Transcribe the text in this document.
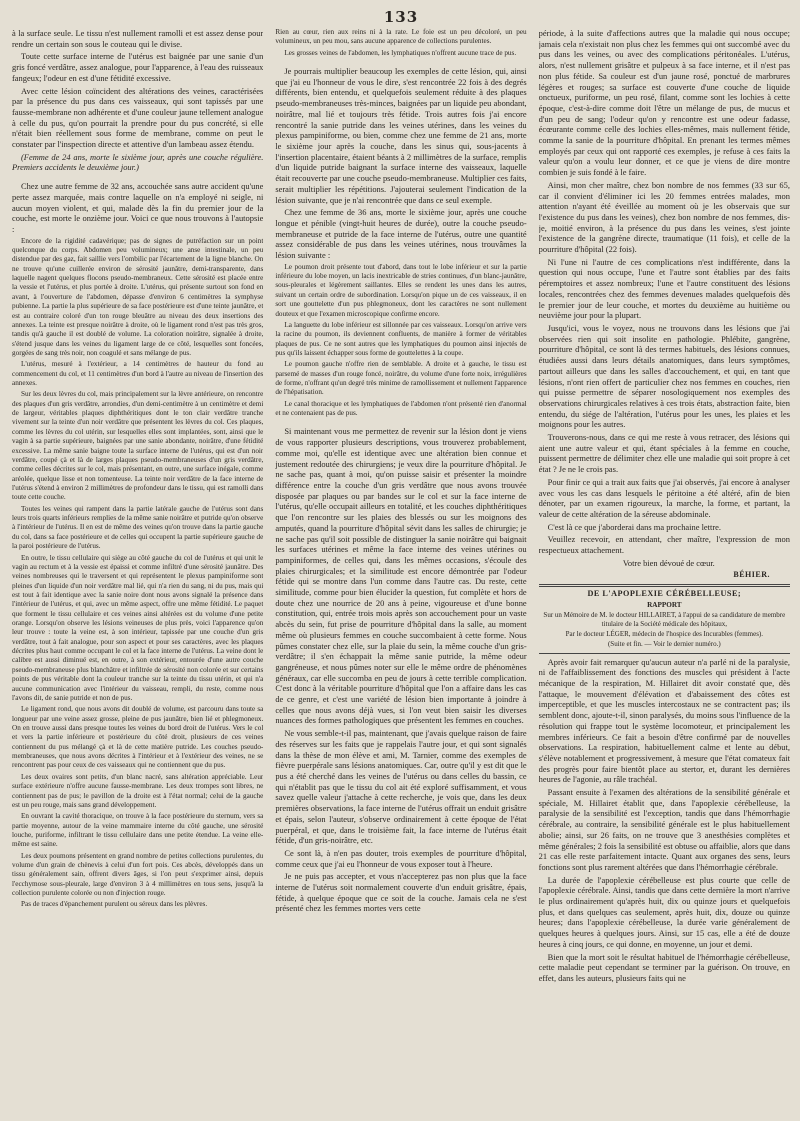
133

à la surface seule. Le tissu n'est nullement ramolli et est assez dense pour rendre un certain son sous le couteau qui le divise.

Toute cette surface interne de l'utérus est baignée par une sanie d'un gris foncé verdâtre, assez analogue, pour l'apparence, à l'eau des ruisseaux fangeux; l'odeur en est d'une fétidité excessive.

Avec cette lésion coïncident des altérations des veines, caractérisées par la présence du pus dans ces vaisseaux, qui sont tapissés par une fausse-membrane non adhérente et d'une couleur jaune tellement analogue à celle du pus, qu'on pourrait la prendre pour du pus concrété, si elle n'était bien réellement sous forme de membrane, comme on peut le constater par l'inspection directe et attentive d'un lambeau assez étendu.

(Femme de 24 ans, morte le sixième jour, après une couche régulière. Premiers accidents le deuxième jour.)

Chez une autre femme de 32 ans, accouchée sans autre accident qu'une perte assez marquée, mais contre laquelle on n'a employé ni seigle, ni aucun moyen violent, et qui, malade dès la fin du premier jour de la couche, est morte le onzième jour. Voici ce que nous trouvons à l'autopsie :

Encore de la rigidité cadavérique; pas de signes de putréfaction sur un point quelconque du corps. Abdomen peu volumineux; une anse intestinale, un peu distendue par des gaz, fait saillie vers l'ombilic par l'écartement de la ligne blanche. On ne trouve qu'une cuillerée environ de sérosité jaunâtre, demi-transparente, dans laquelle nagent quelques flocons pseudo-membraneux. Cette sérosité est placée entre la vessie et l'utérus, et plus portée à droite. L'utérus, qui présente surtout son fond en avant, à l'ouverture de l'abdomen, dépasse d'environ 6 centimètres la symphyse pubienne. La partie la plus supérieure de sa face postérieure est d'une teinte jaunâtre, et est au contraire coloré d'un ton rouge bleuâtre au niveau des deux insertions des annexes. La teinte est presque noirâtre à droite, où le ligament rond n'est pas très gros, tandis qu'à gauche il est doublé de volume. La coloration noirâtre, signalée à droite, s'étend jusque dans les veines du ligament large de ce côté, lesquelles sont foncées, gorgées de sang très noir, non coagulé et sans mélange de pus.

L'utérus, mesuré à l'extérieur, a 14 centimètres de hauteur du fond au commencement du col, et 11 centimètres d'un bord à l'autre au niveau de l'insertion des annexes.

Sur les deux lèvres du col, mais principalement sur la lèvre antérieure, on rencontre des plaques d'un gris verdâtre, arrondies, d'un demi-centimètre à un centimètre et demi de largeur, véritables plaques diphthéritiques dont le ton clair verdâtre tranche vivement sur la teinte d'un noir verdâtre que présentent les lèvres du col. Ces plaques, comme les lèvres du col utérin, sur lesquelles elles sont implantées, sont, ainsi que le vagin à sa partie supérieure, baignées par une sanie abondante, noirâtre, d'une fétidité excessive. La même sanie baigne toute la surface interne de l'utérus, qui est d'un noir verdâtre, coupé çà et là de larges plaques pseudo-membraneuses d'un gris verdâtre, comme celles décrites sur le col, mais présentant, en outre, une surface inégale, comme aréolée, quelque lisse et non tomenteuse. La teinte noir verdâtre de la face interne de l'utérus s'étend à environ 2 millimètres de profondeur dans le tissu, qui est ramolli dans toute cette couche.

Toutes les veines qui rampent dans la partie latérale gauche de l'utérus sont dans leurs trois quarts inférieurs remplies de la même sanie noirâtre et putride qu'on observe à l'intérieur de l'utérus. Il en est de même des veines qu'on trouve dans la partie gauche du col, dans sa face postérieure et de celles qui occupent la partie supérieure gauche de la paroi postérieure de l'utérus.

En outre, le tissu cellulaire qui siège au côté gauche du col de l'utérus et qui unit le vagin au rectum et à la vessie est épaissi et comme infiltré d'une sérosité jaunâtre. Des veines nombreuses qui le traversent et qui représentent le plexus pampiniforme sont pleines d'un liquide d'un noir verdâtre mal lié, qui n'a rien du sang, ni du pus, mais qui est tout à fait identique avec la sanie noire dont nous avons signalé la présence dans l'intérieur de l'utérus, et qui, avec un même aspect, offre une même fétidité. Le paquet que forment le tissu cellulaire et ces veines ainsi altérées est du volume d'une petite orange. Lorsqu'on observe les lésions veineuses de plus près, voici l'apparence qu'on leur trouve : toute la veine est, à son intérieur, tapissée par une couche d'un gris verdâtre, tout à fait analogue, pour son aspect et pour ses caractères, avec les plaques décrites plus haut comme occupant le col et la face interne de l'utérus. La veine dont le calibre est aussi diminué est, en outre, à son extérieur, entourée d'une autre couche pseudo-membraneuse plus blanchâtre et infiltrée de sérosité non colorée et sur certains points de pus véritable dont la couleur tranche sur la teinte du tissu utérin, et qui n'a aucune communication avec l'intérieur du vaisseau, rempli, du reste, comme nous l'avons dit, de sanie putride et non de pus.

Le ligament rond, que nous avons dit doublé de volume, est parcouru dans toute sa longueur par une veine assez grosse, pleine de pus jaunâtre, bien lié et phlegmoneux. On en trouve aussi dans presque toutes les veines du bord droit de l'utérus. Vers le col et vers la partie inférieure et postérieure du côté droit, plusieurs de ces veines contiennent du pus mélangé çà et là de cette matière putride. Les couches pseudo-membraneuses, que nous avons décrites à l'intérieur et à l'extérieur des veines, ne se rencontrent pas pour ceux de ces vaisseaux qui ne contiennent que du pus.

Les deux ovaires sont petits, d'un blanc nacré, sans altération appréciable. Leur surface extérieure n'offre aucune fausse-membrane. Les deux trompes sont libres, ne contiennent pas de pus; le pavillon de la droite est à l'état normal; celui de la gauche est un peu rouge, mais sans grand développement.

En ouvrant la cavité thoracique, on trouve à la face postérieure du sternum, vers sa partie moyenne, autour de la veine mammaire interne du côté gauche, une sérosité louche, puriforme, infiltrant le tissu cellulaire dans une petite étendue. La veine elle-même est saine.

Les deux poumons présentent en grand nombre de petites collections purulentes, du volume d'un grain de chènevis à celui d'un fort pois. Ces abcès, développés dans un tissu généralement sain, offrent divers âges, si l'on peut s'exprimer ainsi, depuis l'ecchymose sous-pleurale, large d'environ 3 à 4 millimètres en tous sens, jusqu'à la collection purulente colorée ou non d'injection rouge.

Pas de traces d'épanchement purulent ou séreux dans les plèvres.

Rien au cœur, rien aux reins ni à la rate. Le foie est un peu décoloré, un peu volumineux, un peu mou, sans aucune apparence de collections purulentes.

Les grosses veines de l'abdomen, les lymphatiques n'offrent aucune trace de pus.

Je pourrais multiplier beaucoup les exemples de cette lésion, qui, ainsi que j'ai eu l'honneur de vous le dire, s'est rencontrée 22 fois à des degrés différents, bien entendu, et quelquefois seulement réduite à des plaques pseudo-membraneuses très-minces, baignées par un liquide peu abondant, noirâtre, mal lié et toujours très fétide. Trois autres fois j'ai encore rencontré la sanie putride dans les veines utérines, dans les veines du plexus pampiniforme, ou bien, comme chez une femme de 21 ans, morte le sixième jour après la couche, dans les sinus qui, sous-jacents à l'insertion placentaire, étaient béants à 2 millimètres de la surface, remplis d'un liquide putride baignant la surface interne des vaisseaux, laquelle était recouverte par une couche pseudo-membraneuse. Multiplier ces faits, serait multiplier les répétitions. J'ajouterai seulement l'indication de la lésion suivante, que je n'ai rencontrée que dans ce seul exemple.

Chez une femme de 36 ans, morte le sixième jour, après une couche longue et pénible (vingt-huit heures de durée), outre la couche pseudo-membraneuse et putride de la face interne de l'utérus, outre une quantité assez considérable de pus dans les veines utérines, nous trouvâmes la lésion suivante :

Le poumon droit présente tout d'abord, dans tout le lobe inférieur et sur la partie inférieure du lobe moyen, un lacis inextricable de stries continues, d'un blanc-jaunâtre, sous-pleurales et légèrement saillantes. Elles se rendent les unes dans les autres, suivant un certain ordre de subordination. Lorsqu'on pique un de ces vaisseaux, il en sort une gouttelette d'un pus phlegmoneux, dont les caractères ne sont nullement douteux et que l'examen microscopique confirme encore.

La languette du lobe inférieur est sillonnée par ces vaisseaux. Lorsqu'on arrive vers la racine du poumon, ils deviennent confluents, de manière à former de véritables plaques de pus. Ce ne sont autres que les lymphatiques du poumon ainsi injectés de pus qu'ils laissent échapper sous forme de gouttelettes à la coupe.

Le poumon gauche n'offre rien de semblable. A droite et à gauche, le tissu est parsemé de masses d'un rouge foncé, noirâtre, du volume d'une forte noix, irrégulières de forme, n'offrant qu'un degré très minime de ramollissement et nullement l'apparence de l'hépatisation.

Le canal thoracique et les lymphatiques de l'abdomen n'ont présenté rien d'anormal et ne contenaient pas de pus.

Si maintenant vous me permettez de revenir sur la lésion dont je viens de vous rapporter plusieurs descriptions, vous trouverez probablement, comme moi, qu'elle est identique avec une altération bien connue et justement redoutée des chirurgiens; je veux dire la pourriture d'hôpital. Je ne sache pas, quant à moi, qu'on puisse saisir et présenter la moindre différence entre la couche d'un gris verdâtre que nous avons trouvée disposée par plaques ou par bandes sur le col et sur la face interne de l'utérus, qu'elle occupait ailleurs en totalité, et les couches diphthéritiques que l'on rencontre sur les plaies des blessés ou sur les moignons des amputés, quand la pourriture d'hôpital sévit dans les salles de chirurgie; je ne sache pas qu'il soit possible de distinguer la sanie noirâtre qui baignait les surfaces utérines et même la face interne des veines utérines ou pampiniformes, de celles qui, dans les mêmes occasions, s'écoule des plaies chirurgicales; et la similitude est encore démontrée par l'odeur fétide qui se montre dans l'un comme dans l'autre cas. Du reste, cette similitude, comme pour bien élucider la question, fut complète et hors de doute chez une nourrice de 20 ans à peine, vigoureuse et d'une bonne constitution, qui, entrée trois mois après son accouchement pour un vaste abcès du sein, fut prise de pourriture d'hôpital dans la salle, au moment même où plusieurs femmes en couche succombaient à cette forme. Nous pûmes constater chez elle, sur la plaie du sein, la même couche d'un gris-verdâtre; il s'en échappait la même sanie putride, la même odeur gangréneuse, et nous pûmes noter sur elle le même ordre de phénomènes généraux, car elle succomba en peu de jours à cette terrible complication. C'est donc à la véritable pourriture d'hôpital que l'on a affaire dans les cas de ce genre, et c'est une variété de lésion bien importante à joindre à celles que nous avons déjà vues, si l'on veut bien saisir les diverses nuances des formes pathologiques que présentent les femmes en couches.

Ne vous semble-t-il pas, maintenant, que j'avais quelque raison de faire des réserves sur les faits que je rappelais l'autre jour, et qui sont signalés dans la thèse de mon élève et ami, M. Tarnier, comme des exemples de fièvre puerpérale sans lésions anatomiques. Car, outre qu'il y est dit que le pus a été cherché dans les veines de l'utérus ou dans celles du bassin, ce qui n'établit pas que le tissu du col ait été exploré suffisamment, et vous savez quelle valeur j'attache à cette recherche, je vois que, dans les deux premières observations, la face interne de l'utérus offrait un enduit grisâtre et épais, selon l'auteur, s'observe ordinairement à cette époque de l'état puerpéral, et que, dans le troisième fait, la face interne de l'utérus était fétide, d'un gris-noirâtre, etc.

Ce sont là, à n'en pas douter, trois exemples de pourriture d'hôpital, comme ceux que j'ai eu l'honneur de vous exposer tout à l'heure.

Je ne puis pas accepter, et vous n'accepterez pas non plus que la face interne de l'utérus soit normalement couverte d'un enduit grisâtre, épais, fétide, à quelque époque que ce soit de la couche. Jamais cela ne s'est présenté chez les femmes mortes vers cette

période, à la suite d'affections autres que la maladie qui nous occupe; jamais cela n'existait non plus chez les femmes qui ont succombé avec du pus dans les veines, ou avec des complications péritonéales. L'utérus, alors, n'est nullement grisâtre et pulpeux à sa face interne, et il n'est pas non plus fétide. Sa couleur est d'un jaune rosé, ponctué de marbrures légères et rouges; sa surface est couverte d'une couche de liquide onctueux, puriforme, un peu rosé, filant, comme sont les lochies à cette époque, c'est-à-dire comme doit l'être un mélange de pus, de mucus et d'un peu de sang; l'odeur qu'on y rencontre est une odeur fadasse, écœurante comme celle des lochies elles-mêmes, mais nullement fétide, comme la sanie de la pourriture d'hôpital. En prenant les termes mêmes employés par ceux qui ont rapporté ces exemples, je refuse à ces faits la valeur qu'on a voulu leur donner, et ce que je viens de dire montre combien je suis fondé à le faire.

Ainsi, mon cher maître, chez bon nombre de nos femmes (33 sur 65, car il convient d'éliminer ici les 20 femmes entrées malades, mon attention n'ayant été éveillée au moment où je les observais que sur l'existence du pus dans les veines), chez bon nombre de nos femmes, dis-je, moitié environ, à la présence du pus dans les veines, s'est jointe l'existence de la gangrène directe, traumatique (11 fois), et celle de la pourriture d'hôpital (22 fois).

Ni l'une ni l'autre de ces complications n'est indifférente, dans la question qui nous occupe, l'une et l'autre sont établies par des faits péremptoires et assez nombreux; l'une et l'autre constituent des lésions locales, rencontrées chez des femmes devenues malades quelquefois dès le premier jour de leur couche, et mortes du deuxième au huitième ou neuvième jour pour la plupart.

Jusqu'ici, vous le voyez, nous ne trouvons dans les lésions que j'ai observées rien qui soit insolite en pathologie. Phlébite, gangrène, pourriture d'hôpital, ce sont là des termes habituels, des lésions connues, étudiées aussi dans leurs détails anatomiques, dans leurs symptômes, partout ailleurs que dans les salles d'accouchement, et qui, en tant que lésions, n'ont rien offert de particulier chez nos femmes en couches, rien qui puisse permettre de séparer nosologiquement nos exemples des observations chirurgicales relatives à ces trois états, abstraction faite, bien entendu, du siége de l'altération, l'utérus pour les unes, les plaies et les moignons pour les autres.

Trouverons-nous, dans ce qui me reste à vous retracer, des lésions qui aient une autre valeur et qui, étant spéciales à la femme en couche, puissent permettre de délimiter chez elle une maladie qui soit propre à cet état ? Je ne le crois pas.

Pour finir ce qui a trait aux faits que j'ai observés, j'ai encore à analyser avec vous les cas dans lesquels le péritoine a été altéré, afin de bien dénoter, par un examen rigoureux, la marche, la forme, et partant, la valeur de cette altération de la séreuse abdominale.

C'est là ce que j'aborderai dans ma prochaine lettre.

Veuillez recevoir, en attendant, cher maître, l'expression de mon respectueux attachement.

Votre bien dévoué de cœur.

BÉHIER.
DE L'APOPLEXIE CÉRÉBELLEUSE;
RAPPORT
Sur un Mémoire de M. le docteur HILLAIRET, à l'appui de sa candidature de membre titulaire de la Société médicale des hôpitaux,
Par le docteur LÉGER, médecin de l'hospice des Incurables (femmes).
(Suite et fin. — Voir le dernier numéro.)

Après avoir fait remarquer qu'aucun auteur n'a parlé ni de la paralysie, ni de l'affaiblissement des fonctions des muscles qui président à l'acte mécanique de la respiration, M. Hillairet dit avoir constaté que, dès l'attaque, le mouvement d'élévation et d'abaissement des côtes est imperceptible, et que les muscles intercostaux ne se contractent pas; ils semblent donc, ajoute-t-il, sinon paralysés, du moins sous l'influence de la résolution qui frappe tout le système locomoteur, et principalement les membres inférieurs. Ce fait a besoin d'être confirmé par de nouvelles observations. La respiration, habituellement calme et lente au début, s'élève notablement et progressivement, à mesure que l'état comateux fait des progrès pour faire bientôt place au stertor, et, durant les dernières heures de l'agonie, au râle trachéal.

Passant ensuite à l'examen des altérations de la sensibilité générale et spéciale, M. Hillairet établit que, dans l'apoplexie cérébelleuse, la paralysie de la sensibilité est l'exception, tandis que dans l'hémorrhagie cérébrale, au contraire, la sensibilité générale est le plus habituellement abolie; ainsi, sur 26 faits, on ne trouve que 3 anesthésies complètes et même générales; 2 fois la sensibilité est obtuse ou affaiblie, alors que dans 21 cas elle reste parfaitement intacte. Quant aux organes des sens, leurs fonctions sont plus rarement altérées que dans l'hémorrhagie cérébrale.

La durée de l'apoplexie cérébelleuse est plus courte que celle de l'apoplexie cérébrale. Ainsi, tandis que dans cette dernière la mort n'arrive le plus ordinairement qu'après huit, dix ou quinze jours et quelquefois plus, et dans quelques cas seulement, après huit, dix, douze ou quinze heures; dans l'apoplexie cérébelleuse, la durée varie généralement de quelques heures à quelques jours. Ainsi, sur 15 cas, elle a été de douze heures à cinq jours, ce qui donne, en moyenne, un jour et demi.

Bien que la mort soit le résultat habituel de l'hémorrhagie cérébelleuse, cette maladie peut cependant se terminer par la guérison. On trouve, en effet, dans les auteurs, plusieurs faits qui ne
